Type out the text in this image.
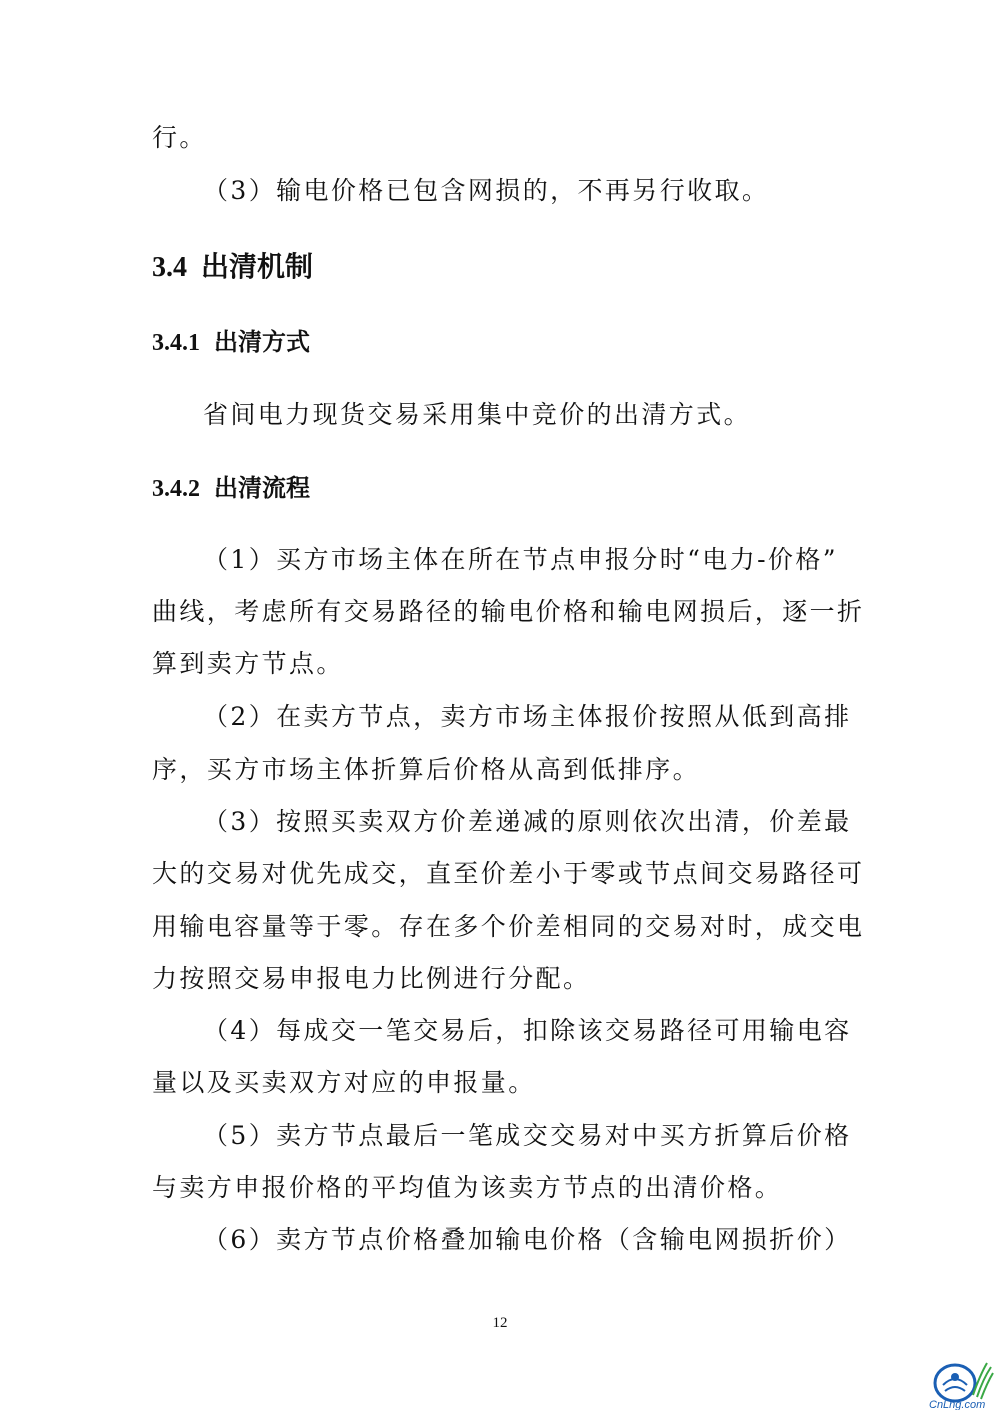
行。
（3）输电价格已包含网损的，不再另行收取。
3.4 出清机制
3.4.1 出清方式
省间电力现货交易采用集中竞价的出清方式。
3.4.2 出清流程
（1）买方市场主体在所在节点申报分时“电力-价格”
曲线，考虑所有交易路径的输电价格和输电网损后，逐一折
算到卖方节点。
（2）在卖方节点，卖方市场主体报价按照从低到高排
序，买方市场主体折算后价格从高到低排序。
（3）按照买卖双方价差递减的原则依次出清，价差最
大的交易对优先成交，直至价差小于零或节点间交易路径可
用输电容量等于零。存在多个价差相同的交易对时，成交电
力按照交易申报电力比例进行分配。
（4）每成交一笔交易后，扣除该交易路径可用输电容
量以及买卖双方对应的申报量。
（5）卖方节点最后一笔成交交易对中买方折算后价格
与卖方申报价格的平均值为该卖方节点的出清价格。
（6）卖方节点价格叠加输电价格（含输电网损折价）
12
CnLng.com
